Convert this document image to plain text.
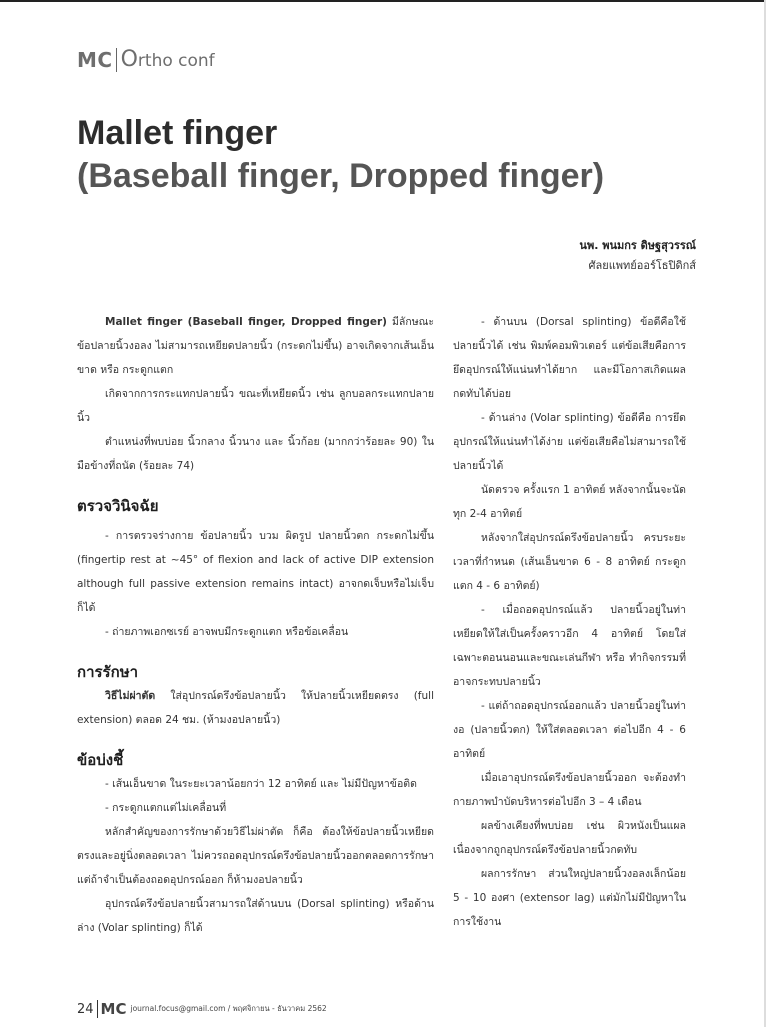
MC Ortho conf
Mallet finger
(Baseball finger, Dropped finger)
นพ. พนมกร ดิษฐสุวรรณ์
ศัลยแพทย์ออร์โธปิดิกส์

Mallet finger (Baseball finger, Dropped finger) มีลักษณะข้อปลายนิ้วงอลง ไม่สามารถเหยียดปลายนิ้ว (กระดกไม่ขึ้น) อาจเกิดจากเส้นเอ็นขาด หรือ กระดูกแตก

เกิดจากการกระแทกปลายนิ้ว ขณะที่เหยียดนิ้ว เช่น ลูกบอลกระแทกปลายนิ้ว

ตำแหน่งที่พบบ่อย นิ้วกลาง นิ้วนาง และ นิ้วก้อย (มากกว่าร้อยละ 90) ในมือข้างที่ถนัด (ร้อยละ 74)

ตรวจวินิจฉัย

- การตรวจร่างกาย ข้อปลายนิ้ว บวม ผิดรูป ปลายนิ้วตก กระดกไม่ขึ้น (fingertip rest at ~45° of flexion and lack of active DIP extension although full passive extension remains intact) อาจกดเจ็บหรือไม่เจ็บก็ได้

- ถ่ายภาพเอกซเรย์ อาจพบมีกระดูกแตก หรือข้อเคลื่อน

การรักษา

วิธีไม่ผ่าตัด ใส่อุปกรณ์ดรึงข้อปลายนิ้ว ให้ปลายนิ้วเหยียดตรง (full extension) ตลอด 24 ชม. (ห้ามงอปลายนิ้ว)

ข้อบ่งชี้

- เส้นเอ็นขาด ในระยะเวลาน้อยกว่า 12 อาทิตย์ และ ไม่มีปัญหาข้อติด

- กระดูกแตกแต่ไม่เคลื่อนที่

หลักสำคัญของการรักษาด้วยวิธีไม่ผ่าตัด ก็คือ ต้องให้ข้อปลายนิ้วเหยียดตรงและอยู่นิ่งตลอดเวลา ไม่ควรถอดอุปกรณ์ดรึงข้อปลายนิ้วออกตลอดการรักษา แต่ถ้าจำเป็นต้องถอดอุปกรณ์ออก ก็ห้ามงอปลายนิ้ว

อุปกรณ์ดรึงข้อปลายนิ้วสามารถใส่ด้านบน (Dorsal splinting) หรือด้านล่าง (Volar splinting) ก็ได้

- ด้านบน (Dorsal splinting) ข้อดีคือใช้ปลายนิ้วได้ เช่น พิมพ์คอมพิวเตอร์ แต่ข้อเสียคือการยึดอุปกรณ์ให้แน่นทำได้ยาก และมีโอกาสเกิดแผลกดทับได้บ่อย

- ด้านล่าง (Volar splinting) ข้อดีคือ การยึดอุปกรณ์ให้แน่นทำได้ง่าย แต่ข้อเสียคือไม่สามารถใช้ปลายนิ้วได้

นัดตรวจ ครั้งแรก 1 อาทิตย์ หลังจากนั้นจะนัดทุก 2-4 อาทิตย์

หลังจากใส่อุปกรณ์ดรึงข้อปลายนิ้ว ครบระยะเวลาที่กำหนด (เส้นเอ็นขาด 6 - 8 อาทิตย์ กระดูกแตก 4 - 6 อาทิตย์)

- เมื่อถอดอุปกรณ์แล้ว ปลายนิ้วอยู่ในท่าเหยียดให้ใส่เป็นครั้งคราวอีก 4 อาทิตย์ โดยใส่เฉพาะตอนนอนและขณะเล่นกีฬา หรือ ทำกิจกรรมที่อาจกระทบปลายนิ้ว

- แต่ถ้าถอดอุปกรณ์ออกแล้ว ปลายนิ้วอยู่ในท่างอ (ปลายนิ้วตก) ให้ใส่ตลอดเวลา ต่อไปอีก 4 - 6 อาทิตย์

เมื่อเอาอุปกรณ์ดรึงข้อปลายนิ้วออก จะต้องทำกายภาพบำบัดบริหารต่อไปอีก 3 – 4 เดือน

ผลข้างเคียงที่พบบ่อย เช่น ผิวหนังเป็นแผลเนื่องจากถูกอุปกรณ์ดรึงข้อปลายนิ้วกดทับ

ผลการรักษา ส่วนใหญ่ปลายนิ้วงอลงเล็กน้อย 5 - 10 องศา (extensor lag) แต่มักไม่มีปัญหาในการใช้งาน

24 MC journal.focus@gmail.com / พฤศจิกายน - ธันวาคม 2562
